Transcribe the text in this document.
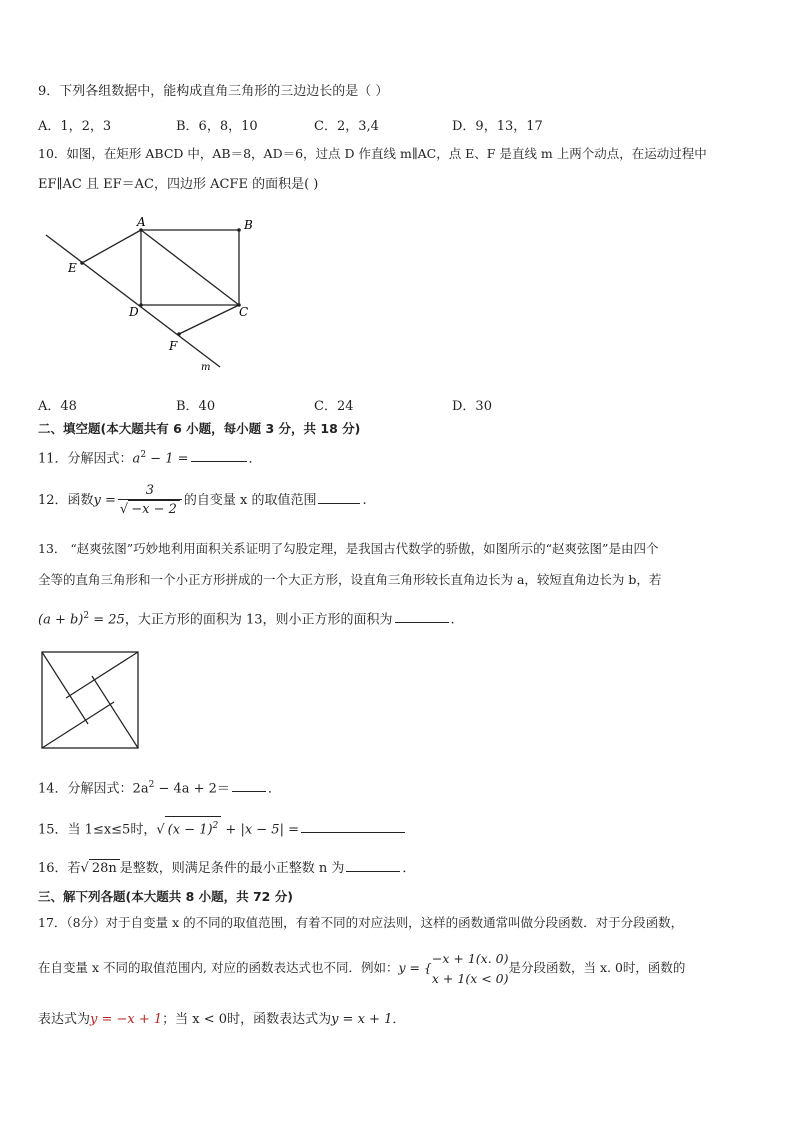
9．下列各组数据中，能构成直角三角形的三边边长的是（ ）
A．1，2，3	B．6，8，10	C．2，3,4	D．9，13，17
10．如图，在矩形 ABCD 中，AB＝8，AD＝6，过点 D 作直线 m∥AC，点 E、F 是直线 m 上两个动点，在运动过程中
EF∥AC 且 EF＝AC，四边形 ACFE 的面积是( )
A	B
C
D
E
F
m
A．48	B．40	C．24	D．30
二、填空题(本大题共有 6 小题，每小题 3 分，共 18 分)
11．分解因式：$a^2 - 1$ =	．
12．函数$y = \frac{3}{√ -x - 2}$ 的自变量 x 的取值范围	.
13． “赵爽弦图”巧妙地利用面积关系证明了勾股定理，是我国古代数学的骄傲，如图所示的“赵爽弦图”是由四个
全等的直角三角形和一个小正方形拼成的一个大正方形，设直角三角形较长直角边长为 a，较短直角边长为 b，若
$(a + b)^2 = 25$，大正方形的面积为 13，则小正方形的面积为	.
14．分解因式：$2a^2 - 4a + 2=$	．
15．当 1≤x≤5时，√ $(x - 1)^2 + |x - 5|$ =
16．若√ 28n 是整数，则满足条件的最小正整数 n 为	．
三、解下列各题(本大题共 8 小题，共 72 分)
17．（8分）对于自变量 x 的不同的取值范围，有着不同的对应法则，这样的函数通常叫做分段函数．对于分段函数，
在自变量 x 不同的取值范围内, 对应的函数表达式也不同．例如：y = {
−x + 1(x. 0)
x + 1(x < 0)
是分段函数，当 x. 0时，函数的
表达式为y = −x + 1；当 x < 0时，函数表达式为y = x + 1．
